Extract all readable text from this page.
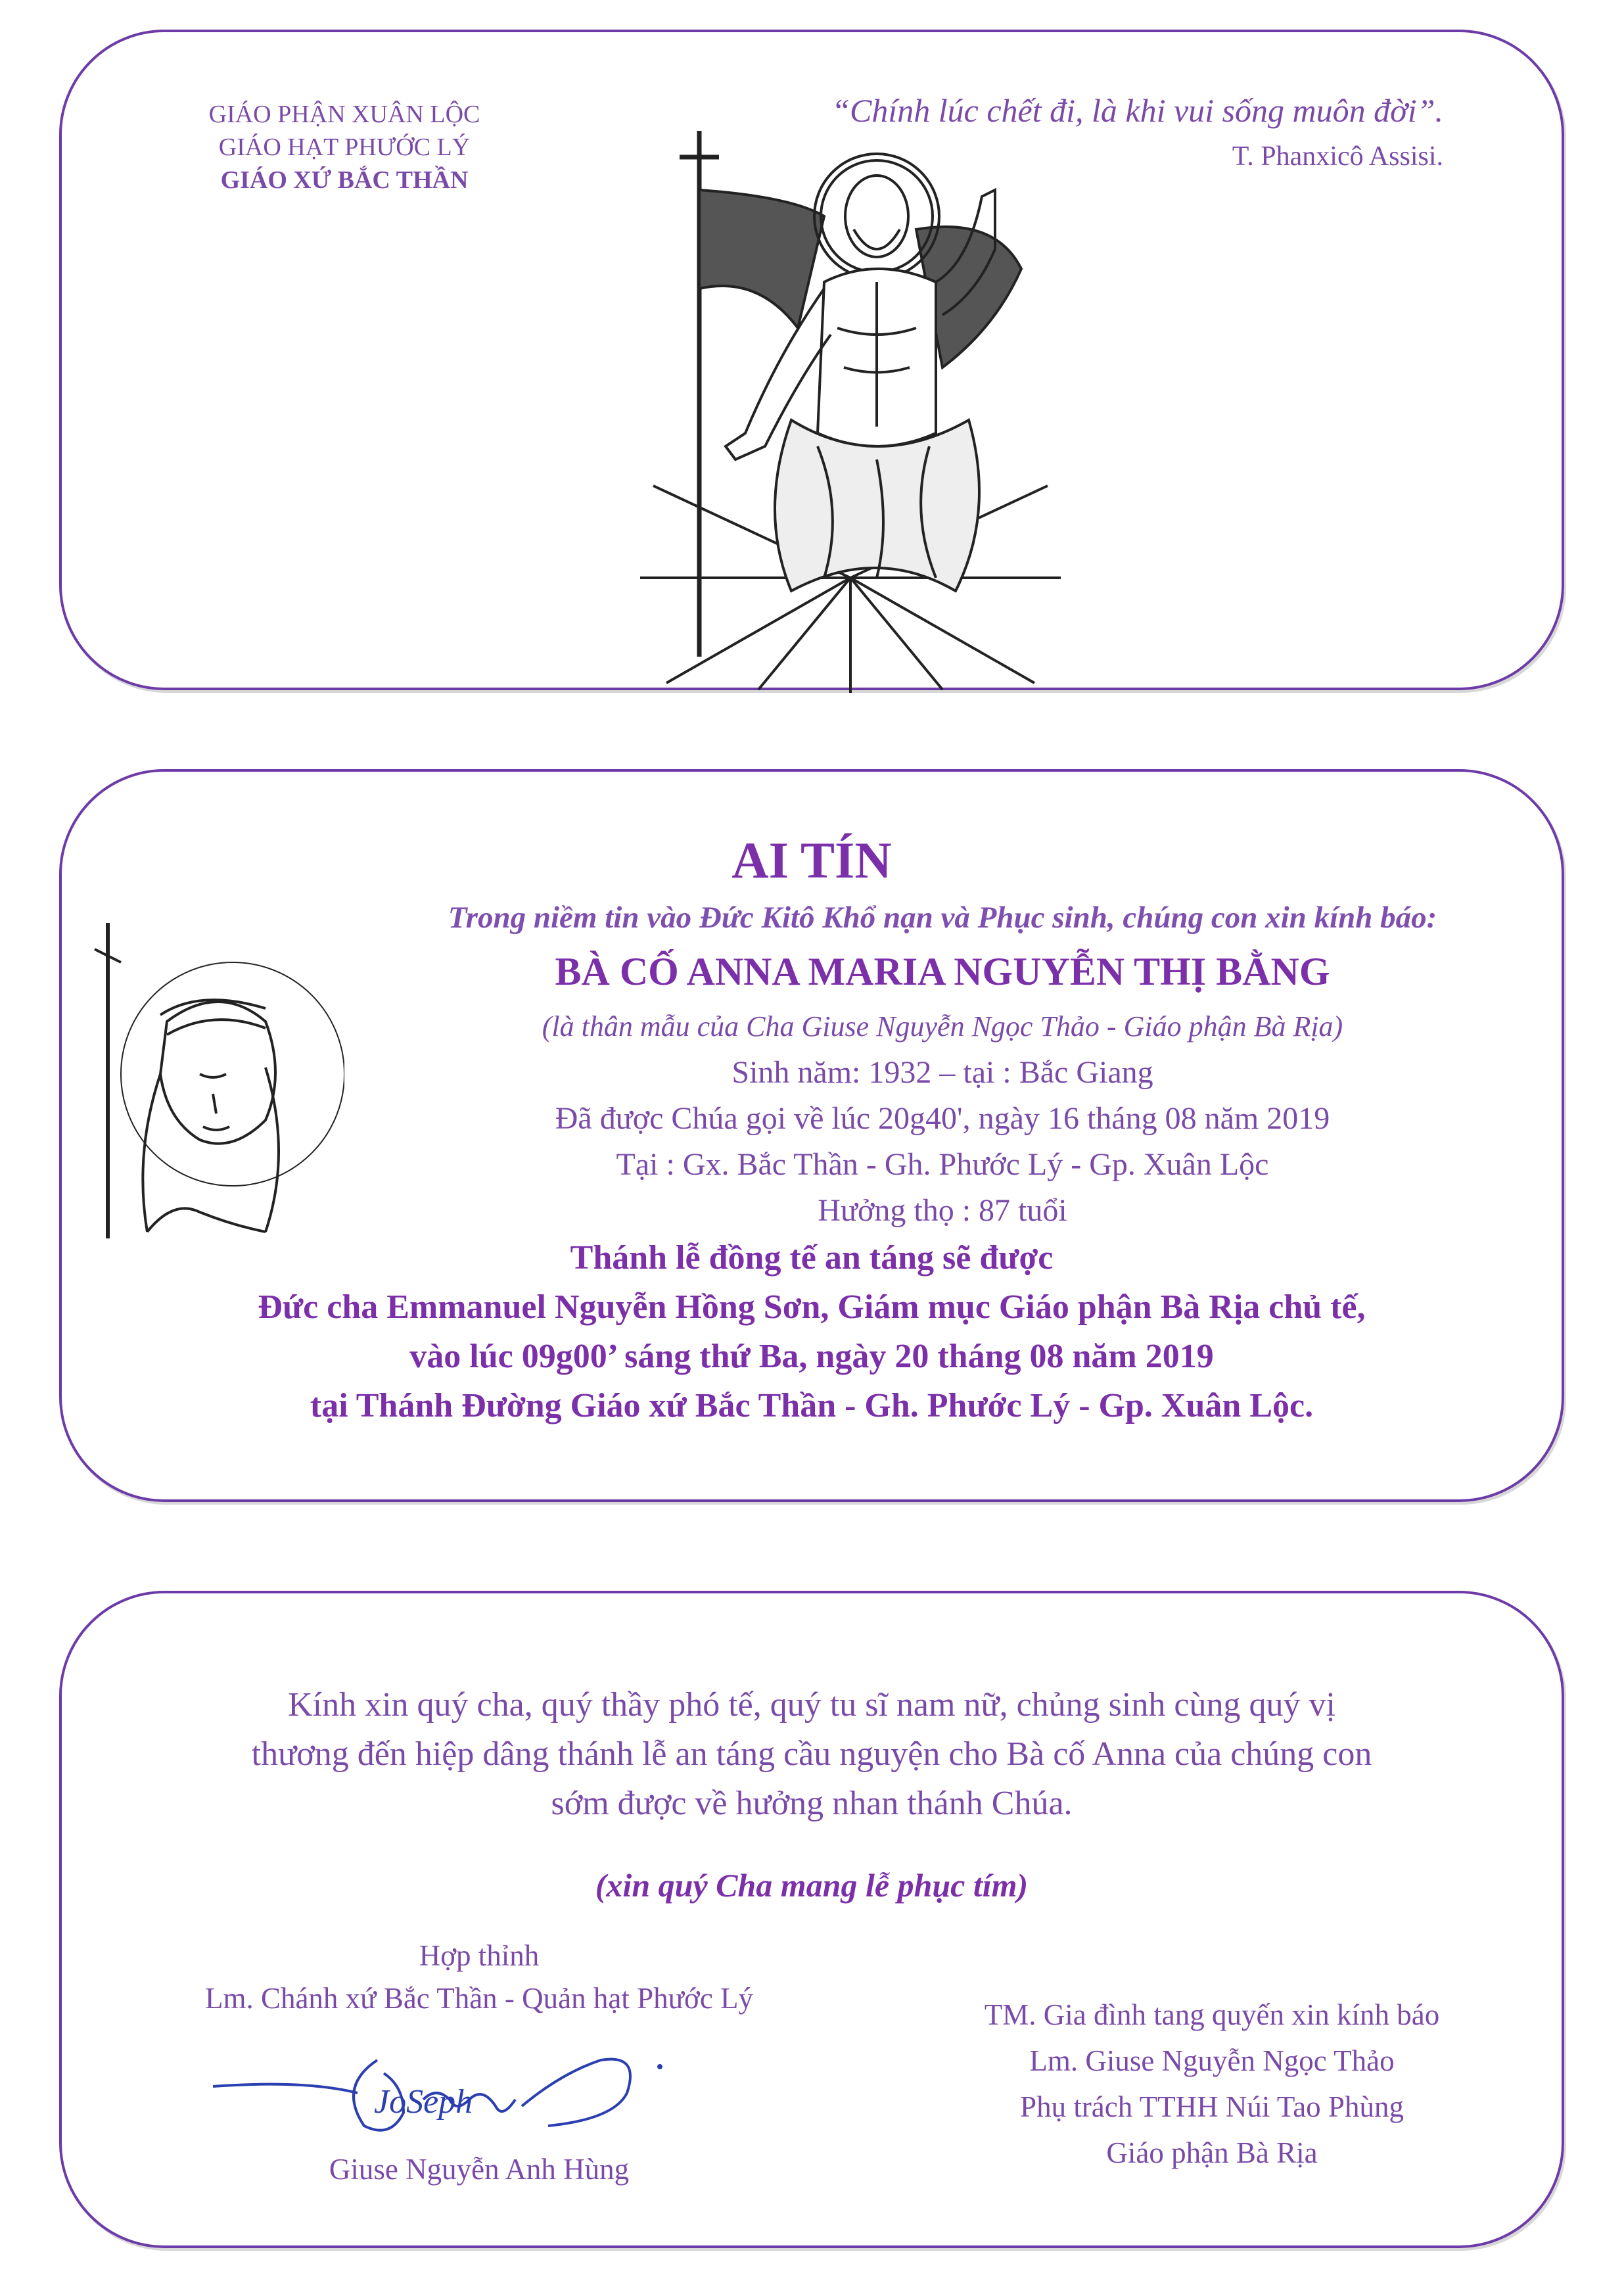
GIÁO PHẬN XUÂN LỘC
GIÁO HẠT PHƯỚC LÝ
GIÁO XỨ BẮC THẦN
“Chính lúc chết đi, là khi vui sống muôn đời”.
T. Phanxicô Assisi.
AI TÍN
Trong niềm tin vào Đức Kitô Khổ nạn và Phục sinh, chúng con xin kính báo:
BÀ CỐ ANNA MARIA NGUYỄN THỊ BẰNG
(là thân mẫu của Cha Giuse Nguyễn Ngọc Thảo - Giáo phận Bà Rịa)
Sinh năm: 1932 – tại : Bắc Giang
Đã được Chúa gọi về lúc 20g40', ngày 16 tháng 08 năm 2019
Tại : Gx. Bắc Thần - Gh. Phước Lý - Gp. Xuân Lộc
Hưởng thọ : 87 tuổi
Thánh lễ đồng tế an táng sẽ được
Đức cha Emmanuel Nguyễn Hồng Sơn, Giám mục Giáo phận Bà Rịa chủ tế,
vào lúc 09g00’ sáng thứ Ba, ngày 20 tháng 08 năm 2019
tại Thánh Đường Giáo xứ Bắc Thần - Gh. Phước Lý - Gp. Xuân Lộc.
Kính xin quý cha, quý thầy phó tế, quý tu sĩ nam nữ, chủng sinh cùng quý vị
thương đến hiệp dâng thánh lễ an táng cầu nguyện cho Bà cố Anna của chúng con
sớm được về hưởng nhan thánh Chúa.
(xin quý Cha mang lễ phục tím)
Hợp thỉnh
Lm. Chánh xứ Bắc Thần - Quản hạt Phước Lý
JoSeph
Giuse Nguyễn Anh Hùng
TM. Gia đình tang quyến xin kính báo
Lm. Giuse Nguyễn Ngọc Thảo
Phụ trách TTHH Núi Tao Phùng
Giáo phận Bà Rịa
